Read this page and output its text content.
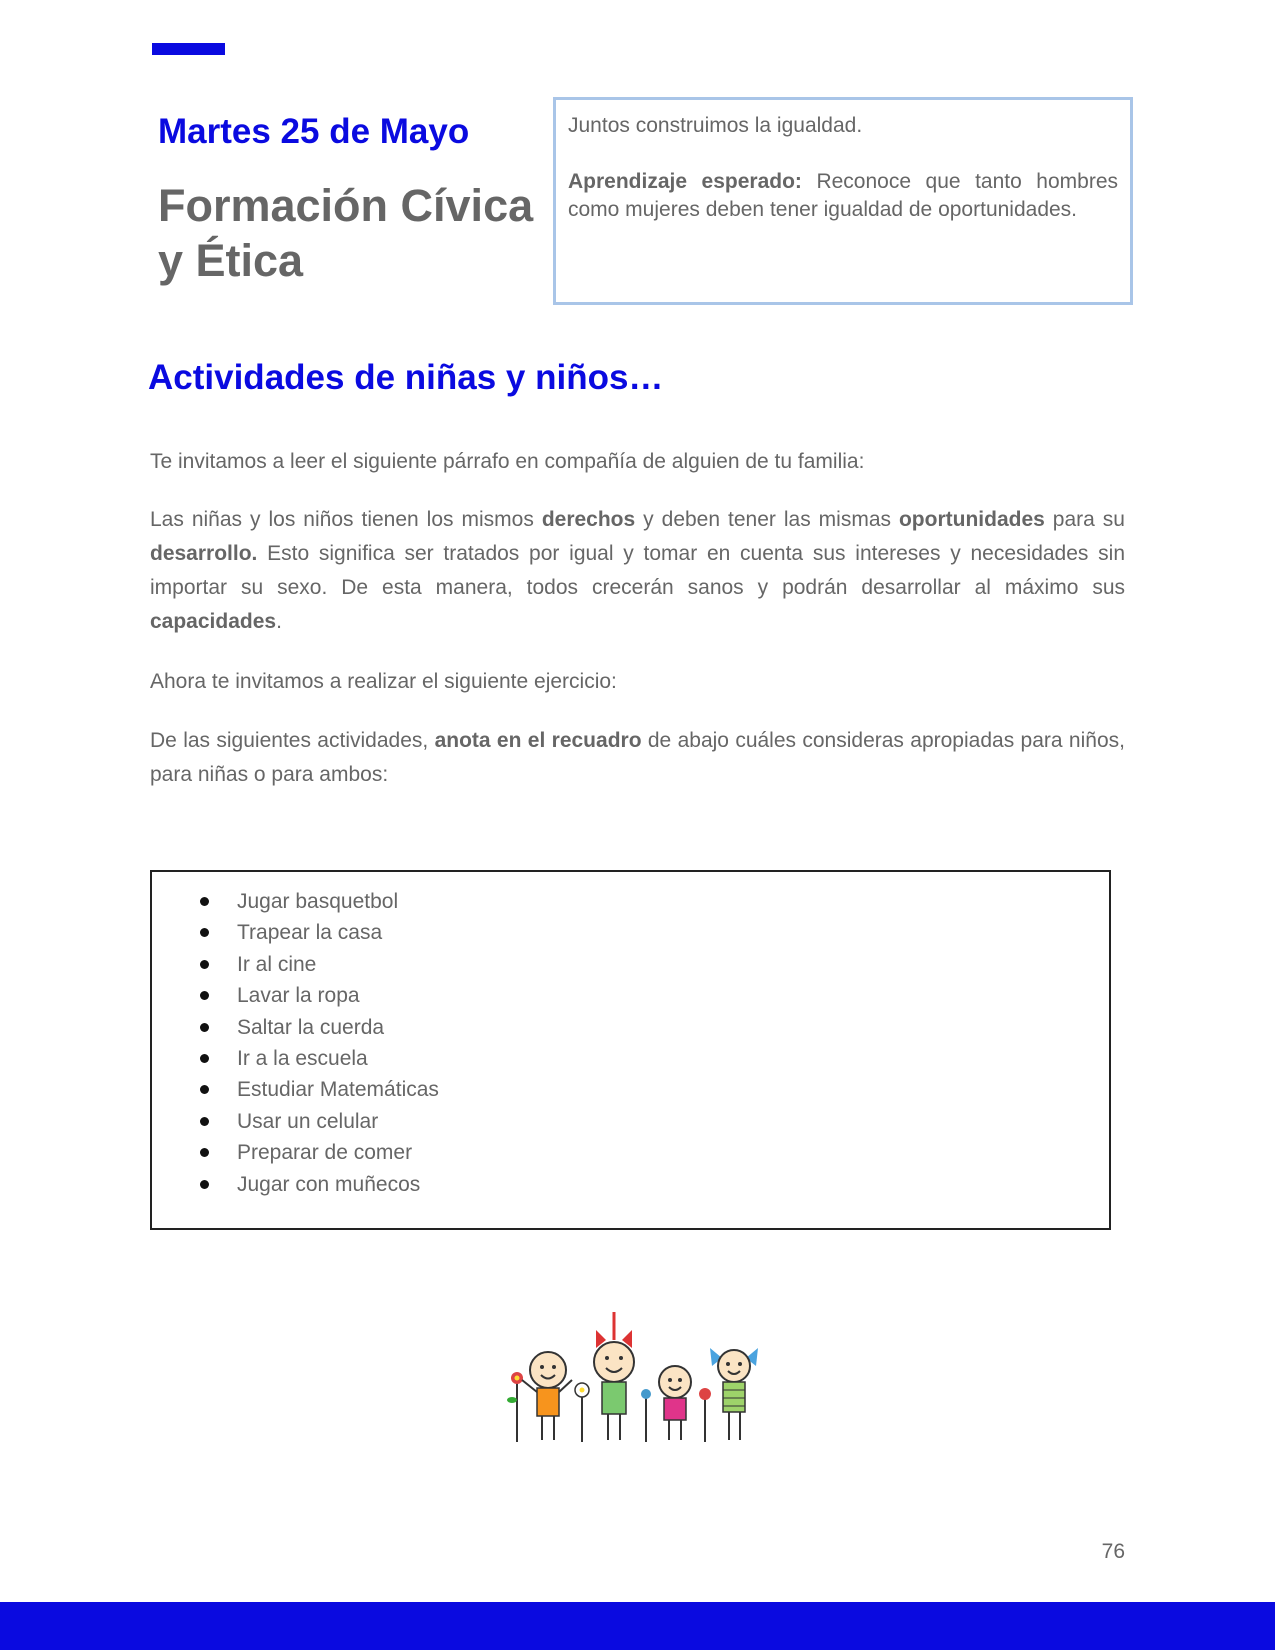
Martes 25 de Mayo
Formación Cívica y Ética

Juntos construimos la igualdad.

Aprendizaje esperado: Reconoce que tanto hombres como mujeres deben tener igualdad de oportunidades.

Actividades de niñas y niños…

Te invitamos a leer el siguiente párrafo en compañía de alguien de tu familia:

Las niñas y los niños tienen los mismos derechos y deben tener las mismas oportunidades para su desarrollo. Esto significa ser tratados por igual y tomar en cuenta sus intereses y necesidades sin importar su sexo. De esta manera, todos crecerán sanos y podrán desarrollar al máximo sus capacidades.

Ahora te invitamos a realizar el siguiente ejercicio:

De las siguientes actividades, anota en el recuadro de abajo cuáles consideras apropiadas para niños, para niñas o para ambos:

Jugar basquetbol
Trapear la casa
Ir al cine
Lavar la ropa
Saltar la cuerda
Ir a la escuela
Estudiar Matemáticas
Usar un celular
Preparar de comer
Jugar con muñecos
76
